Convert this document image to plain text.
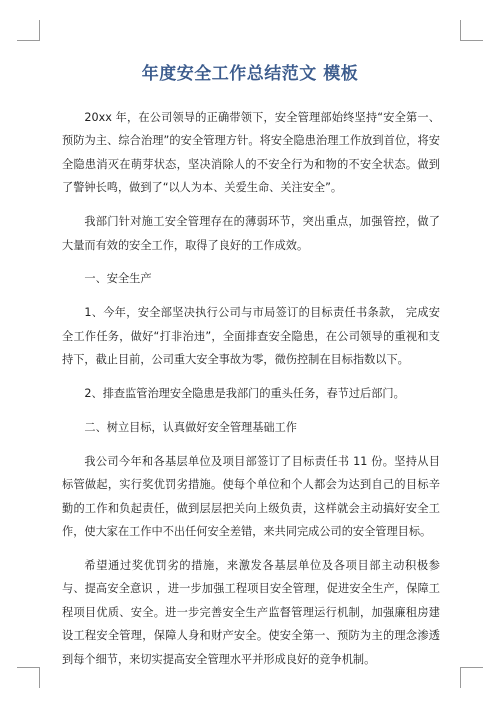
年度安全工作总结范文 模板

20xx 年，在公司领导的正确带领下，安全管理部始终坚持“安全第一、预防为主、综合治理”的安全管理方针。将安全隐患治理工作放到首位，将安全隐患消灭在萌芽状态，坚决消除人的不安全行为和物的不安全状态。做到了警钟长鸣，做到了“以人为本、关爱生命、关注安全”。

我部门针对施工安全管理存在的薄弱环节，突出重点，加强管控，做了大量而有效的安全工作，取得了良好的工作成效。

一、安全生产

1、今年，安全部坚决执行公司与市局签订的目标责任书条款， 完成安全工作任务，做好“打非治违”，全面排查安全隐患，在公司领导的重视和支持下，截止目前，公司重大安全事故为零，微伤控制在目标指数以下。

2、排查监管治理安全隐患是我部门的重头任务，春节过后部门。

二、树立目标，认真做好安全管理基础工作

我公司今年和各基层单位及项目部签订了目标责任书 11 份。坚持从目标管做起，实行奖优罚劣措施。使每个单位和个人都会为达到自己的目标辛勤的工作和负起责任，做到层层把关向上级负责，这样就会主动搞好安全工作，使大家在工作中不出任何安全差错，来共同完成公司的安全管理目标。

希望通过奖优罚劣的措施，来激发各基层单位及各项目部主动积极参与、提高安全意识 ，进一步加强工程项目安全管理，促进安全生产，保障工程项目优质、安全。进一步完善安全生产监督管理运行机制，加强廉租房建设工程安全管理，保障人身和财产安全。使安全第一、预防为主的理念渗透到每个细节，来切实提高安全管理水平并形成良好的竞争机制。
